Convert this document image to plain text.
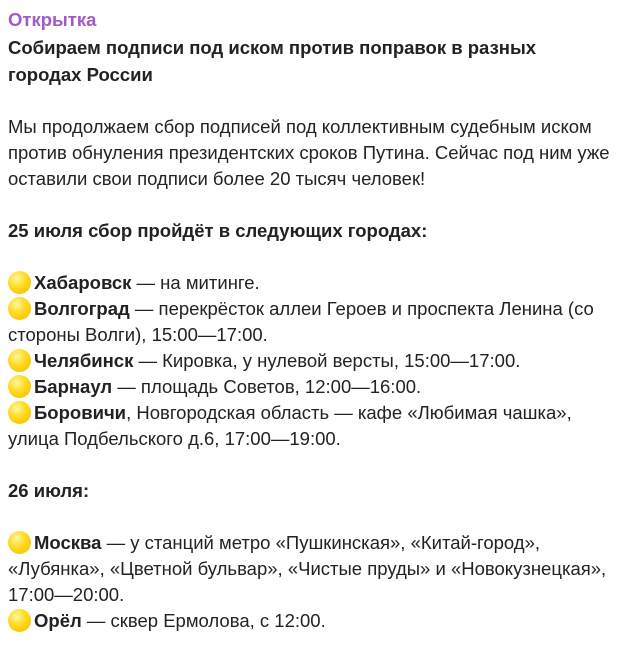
Открытка
Собираем подписи под иском против поправок в разных городах России
Мы продолжаем сбор подписей под коллективным судебным иском против обнуления президентских сроков Путина. Сейчас под ним уже оставили свои подписи более 20 тысяч человек!
25 июля сбор пройдёт в следующих городах:
Хабаровск — на митинге.
Волгоград — перекрёсток аллеи Героев и проспекта Ленина (со стороны Волги), 15:00—17:00.
Челябинск — Кировка, у нулевой версты, 15:00—17:00.
Барнаул — площадь Советов, 12:00—16:00.
Боровичи, Новгородская область — кафе «Любимая чашка», улица Подбельского д.6, 17:00—19:00.
26 июля:
Москва — у станций метро «Пушкинская», «Китай-город», «Лубянка», «Цветной бульвар», «Чистые пруды» и «Новокузнецкая», 17:00—20:00.
Орёл — сквер Ермолова, с 12:00.
